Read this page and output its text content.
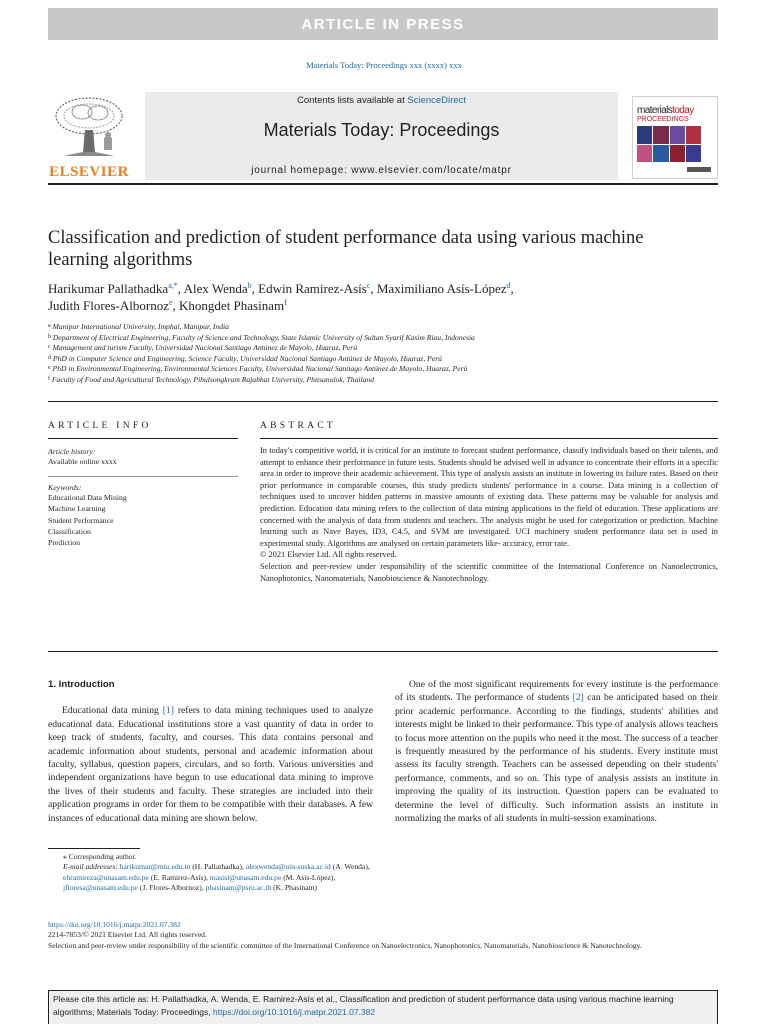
ARTICLE IN PRESS
Materials Today: Proceedings xxx (xxxx) xxx
ELSEVIER
Contents lists available at ScienceDirect
Materials Today: Proceedings
journal homepage: www.elsevier.com/locate/matpr
materialstoday
PROCEEDINGS
Classification and prediction of student performance data using various machine learning algorithms
Harikumar Pallathadka$^{a,*}$, Alex Wenda$^b$, Edwin Ramirez-Asís$^c$, Maximiliano Asís-López$^d$,
Judith Flores-Albornoz$^e$, Khongdet Phasinam$^f$
$^a$ Manipur International University, Imphal, Manipur, India
$^b$ Department of Electrical Engineering, Faculty of Science and Technology, State Islamic University of Sultan Syarif Kasim Riau, Indonesia
$^c$ Management and turism Faculty, Universidad Nacional Santiago Antúnez de Mayolo, Huaraz, Perú
$^d$ PhD in Computer Science and Engineering, Science Faculty, Universidad Nacional Santiago Antúnez de Mayolo, Huaraz, Perú
$^e$ PhD in Environmental Engineering, Environmental Sciences Faculty, Universidad Nacional Santiago Antúnez de Mayolo, Huaraz, Perú
$^f$ Faculty of Food and Agricultural Technology, Pibulsongkram Rajabhat University, Phitsanulok, Thailand
ARTICLE INFO
Article history:
Available online xxxx
Keywords:
Educational Data Mining
Machine Learning
Student Performance
Classification
Prediction
ABSTRACT

In today's competitive world, it is critical for an institute to forecast student performance, classify individuals based on their talents, and attempt to enhance their performance in future tests. Students should be advised well in advance to concentrate their efforts in a specific area in order to improve their academic achievement. This type of analysis assists an institute in lowering its failure rates. Based on their prior performance in comparable courses, this study predicts students' performance in a course. Data mining is a collection of techniques used to uncover hidden patterns in massive amounts of existing data. These patterns may be valuable for analysis and prediction. Education data mining refers to the collection of data mining applications in the field of education. These applications are concerned with the analysis of data from students and teachers. The analysis might be used for categorization or prediction. Machine learning such as Nave Bayes, ID3, C4.5, and SVM are investigated. UCI machinery student performance data set is used in experimental study. Algorithms are analysed on certain parameters like- accuracy, error rate.

© 2021 Elsevier Ltd. All rights reserved.

Selection and peer-review under responsibility of the scientific committee of the International Conference on Nanoelectronics, Nanophotonics, Nanomaterials, Nanobioscience & Nanotechnology.

1. Introduction

Educational data mining [1] refers to data mining techniques used to analyze educational data. Educational institutions store a vast quantity of data in order to keep track of students, faculty, and courses. This data contains personal and academic information about students, personal and academic information about faculty, syllabus, question papers, circulars, and so forth. Various universities and independent organizations have begun to use educational data mining to improve the lives of their students and faculty. These strategies are included into their application programs in order for them to be compatible with their databases. A few instances of educational data mining are shown below.

One of the most significant requirements for every institute is the performance of its students. The performance of students [2] can be anticipated based on their prior academic performance. According to the findings, students' abilities and interests might be linked to their performance. This type of analysis allows teachers to focus more attention on the pupils who need it the most. The success of a teacher is frequently measured by the performance of his students. Every institute must assess its faculty strength. Teachers can be assessed depending on their students' performance, comments, and so on. This type of analysis assists an institute in improving the quality of its instruction. Question papers can be evaluated to determine the level of difficulty. Such information assists an institute in normalizing the marks of all students in multi-session examinations.

⁎ Corresponding author.
E-mail addresses: harikumar@miu.edu.in (H. Pallathadka), alexwenda@uin-suska.ac.id (A. Wenda), ehramireza@unasam.edu.pe (E. Ramirez-Asís), masisl@unasam.edu.pe (M. Asís-López), jfloresa@unasam.edu.pe (J. Flores-Albornoz), phasinam@psru.ac.th (K. Phasinam)
https://doi.org/10.1016/j.matpr.2021.07.382
2214-7853/© 2021 Elsevier Ltd. All rights reserved.
Selection and peer-review under responsibility of the scientific committee of the International Conference on Nanoelectronics, Nanophotonics, Nanomaterials, Nanobioscience & Nanotechnology.
Please cite this article as: H. Pallathadka, A. Wenda, E. Ramirez-Asís et al., Classification and prediction of student performance data using various machine learning algorithms, Materials Today: Proceedings, https://doi.org/10.1016/j.matpr.2021.07.382
